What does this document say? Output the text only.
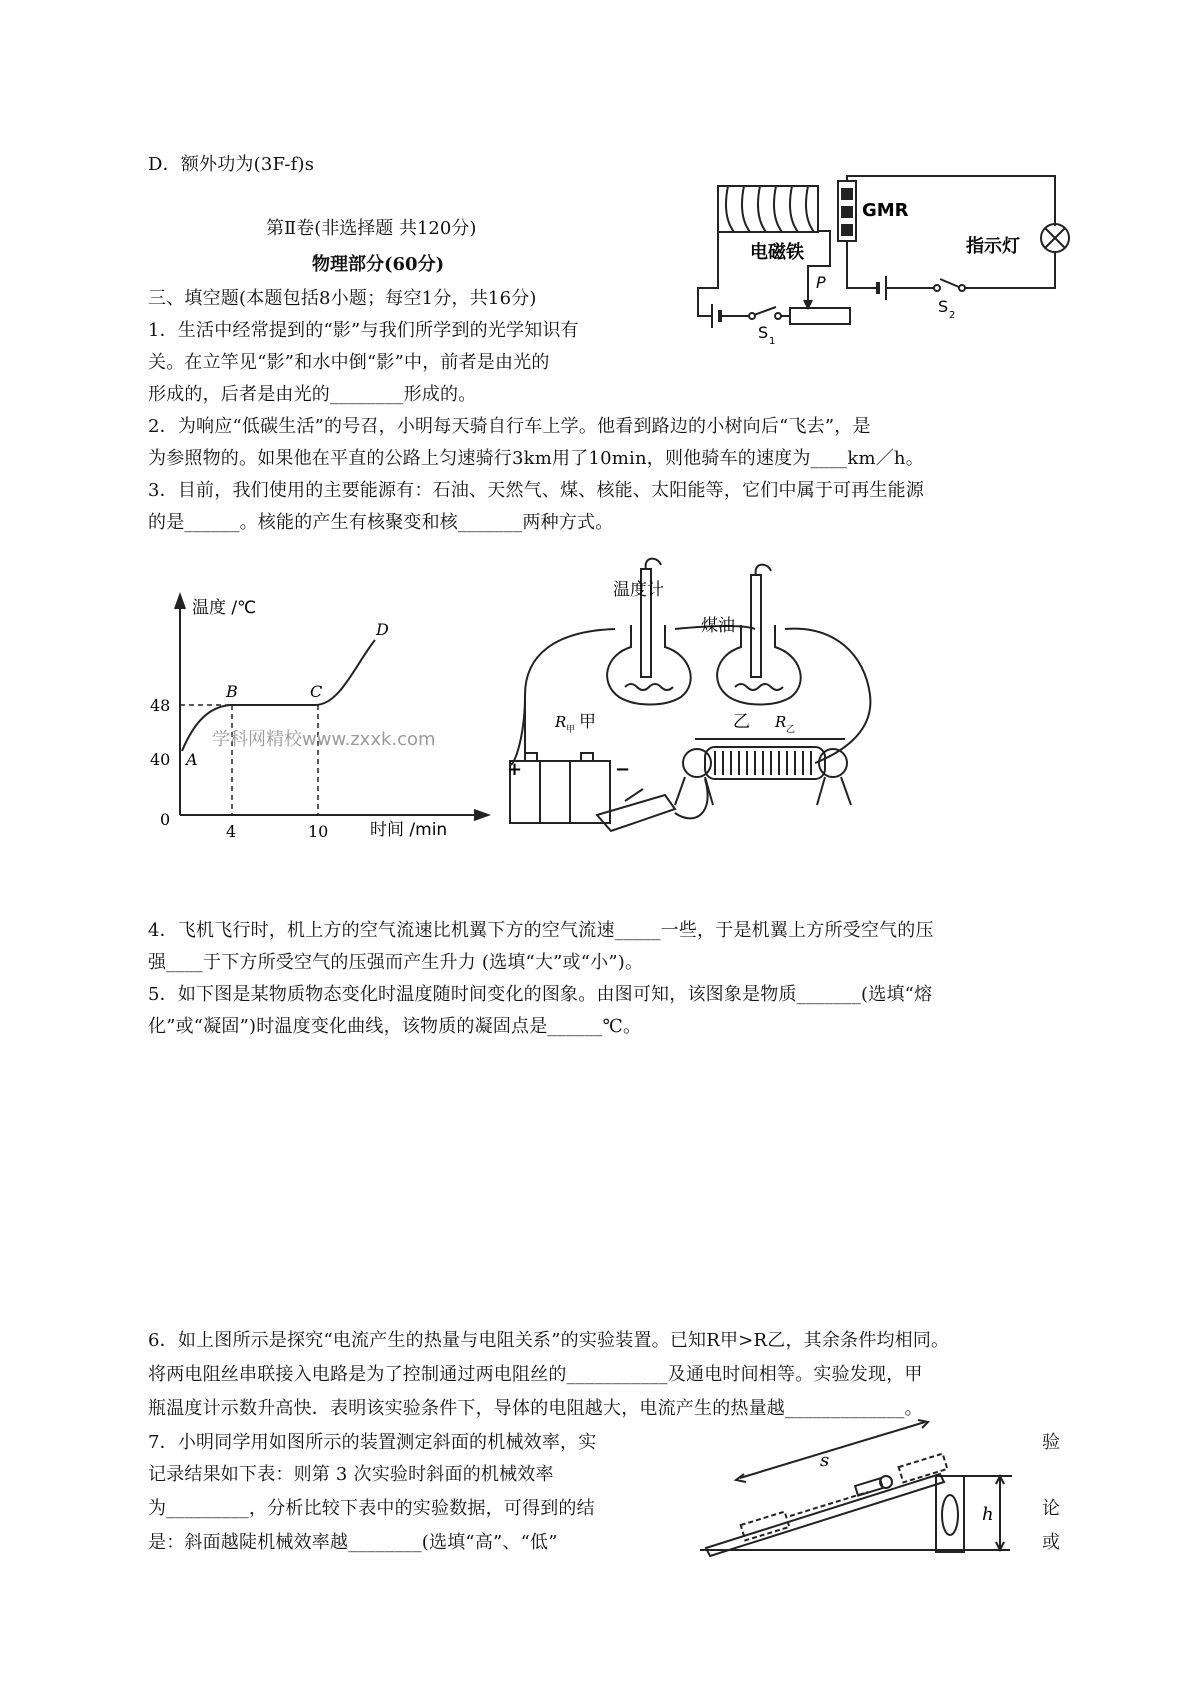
D．额外功为(3F-f)s
第Ⅱ卷(非选择题 共120分)
物理部分(60分)
三、填空题(本题包括8小题；每空1分，共16分)
1．生活中经常提到的“影”与我们所学到的光学知识有
关。在立竿见“影”和水中倒“影”中，前者是由光的
形成的，后者是由光的________形成的。
2．为响应“低碳生活”的号召，小明每天骑自行车上学。他看到路边的小树向后“飞去”，是
为参照物的。如果他在平直的公路上匀速骑行3km用了10min，则他骑车的速度为____km／h。
3．目前，我们使用的主要能源有：石油、天然气、煤、核能、太阳能等，它们中属于可再生能源
的是______。核能的产生有核聚变和核_______两种方式。
4．飞机飞行时，机上方的空气流速比机翼下方的空气流速_____一些，于是机翼上方所受空气的压
强____于下方所受空气的压强而产生升力 (选填“大”或“小”)。
5．如下图是某物质物态变化时温度随时间变化的图象。由图可知，该图象是物质_______(选填“熔
化”或“凝固”)时温度变化曲线，该物质的凝固点是______℃。
6．如上图所示是探究“电流产生的热量与电阻关系”的实验装置。已知R甲>R乙，其余条件均相同。
将两电阻丝串联接入电路是为了控制通过两电阻丝的___________及通电时间相等。实验发现，甲
瓶温度计示数升高快．表明该实验条件下，导体的电阻越大，电流产生的热量越_____________。
7．小明同学用如图所示的装置测定斜面的机械效率，实	验
记录结果如下表：则第 3 次实验时斜面的机械效率
为_________，分析比较下表中的实验数据，可得到的结	论
是：斜面越陡机械效率越________(选填“高”、“低”	或
GMR
电磁铁	指示灯
P
S 1
S 2
温度 /℃
时间 /min
48
40
0
4	10
A
B	C
D
学科网精校www.zxxk.com
温度计
煤油
R 甲 甲	乙 R 乙
+	−
s
h
